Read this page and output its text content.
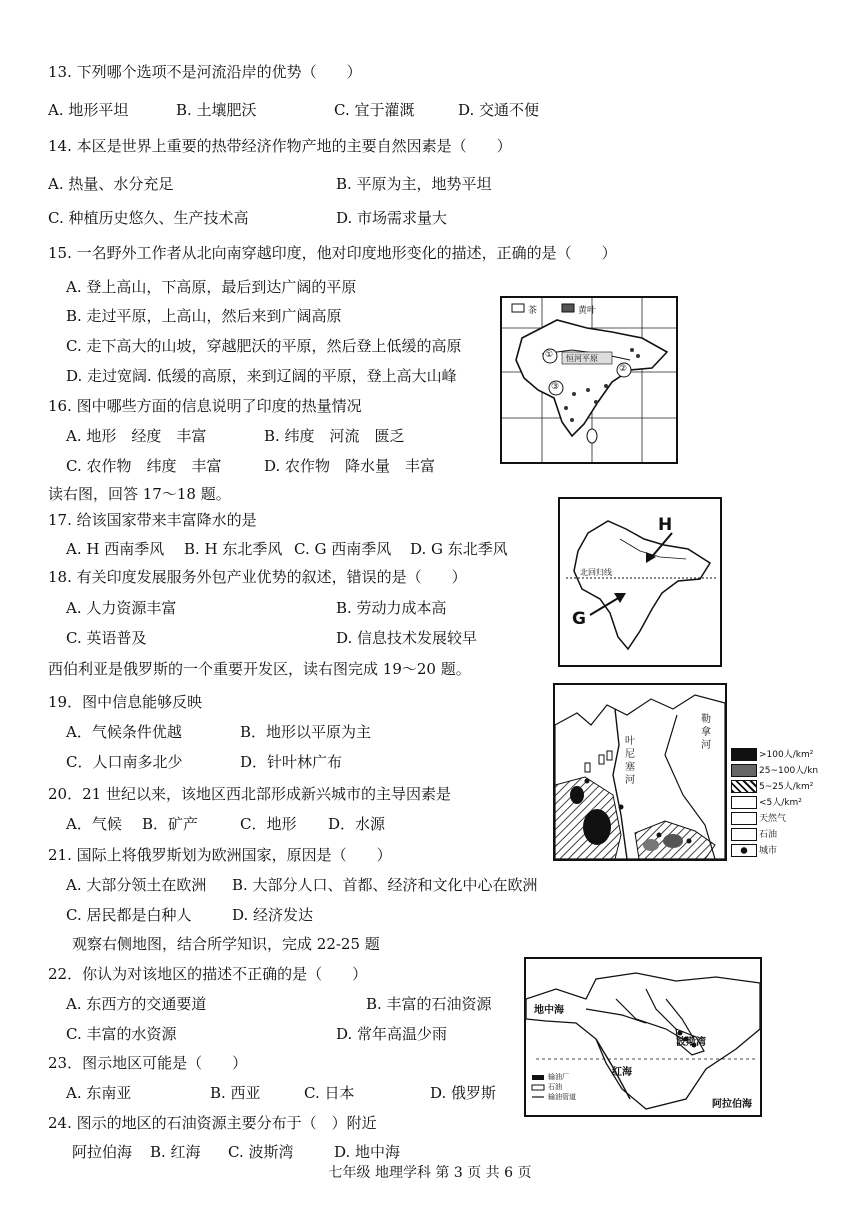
13. 下列哪个选项不是河流沿岸的优势（　　）
A. 地形平坦	B. 土壤肥沃	C. 宜于灌溉	D. 交通不便
14. 本区是世界上重要的热带经济作物产地的主要自然因素是（　　）
A. 热量、水分充足	B. 平原为主，地势平坦
C. 种植历史悠久、生产技术高	D. 市场需求量大
15. 一名野外工作者从北向南穿越印度，他对印度地形变化的描述，正确的是（　　）
A. 登上高山，下高原，最后到达广阔的平原
B. 走过平原，上高山，然后来到广阔高原
C. 走下高大的山坡，穿越肥沃的平原，然后登上低缓的高原
D. 走过宽阔. 低缓的高原，来到辽阔的平原，登上高大山峰
16. 图中哪些方面的信息说明了印度的热量情况
A. 地形　经度　丰富	B. 纬度　河流　匮乏
C. 农作物　纬度　丰富	D. 农作物　降水量　丰富
读右图，回答 17～18 题。
茶	黄叶
恒河平原
①
②
③
17. 给该国家带来丰富降水的是
A. H 西南季风 B. H 东北季风 C. G 西南季风 D. G 东北季风
18. 有关印度发展服务外包产业优势的叙述，错误的是（　　）
A. 人力资源丰富	B. 劳动力成本高
C. 英语普及	D. 信息技术发展较早
H
G
北回归线
西伯利亚是俄罗斯的一个重要开发区，读右图完成 19～20 题。
19．图中信息能够反映
A．气候条件优越	B．地形以平原为主
C．人口南多北少	D．针叶林广布
20．21 世纪以来，该地区西北部形成新兴城市的主导因素是
A．气候 B．矿产	C．地形 D．水源
叶尼塞河
勒拿河
>100人/km²
25~100人/kn
5~25人/km²
<5人/km²
天然气
石油
城市
21. 国际上将俄罗斯划为欧洲国家，原因是（　　）
A. 大部分领土在欧洲 B. 大部分人口、首都、经济和文化中心在欧洲
C. 居民都是白种人	D. 经济发达
观察右侧地图，结合所学知识，完成 22-25 题
22．你认为对该地区的描述不正确的是（　　）
A. 东西方的交通要道	B. 丰富的石油资源
C. 丰富的水资源	D. 常年高温少雨
23．图示地区可能是（　　）
A. 东南亚	B. 西亚	C. 日本	D. 俄罗斯
24. 图示的地区的石油资源主要分布于（　）附近
阿拉伯海 B. 红海 C. 波斯湾	D. 地中海
地中海
波斯湾
红海
阿拉伯海
输油厂
石油
输油管道
七年级 地理学科 第 3 页 共 6 页
